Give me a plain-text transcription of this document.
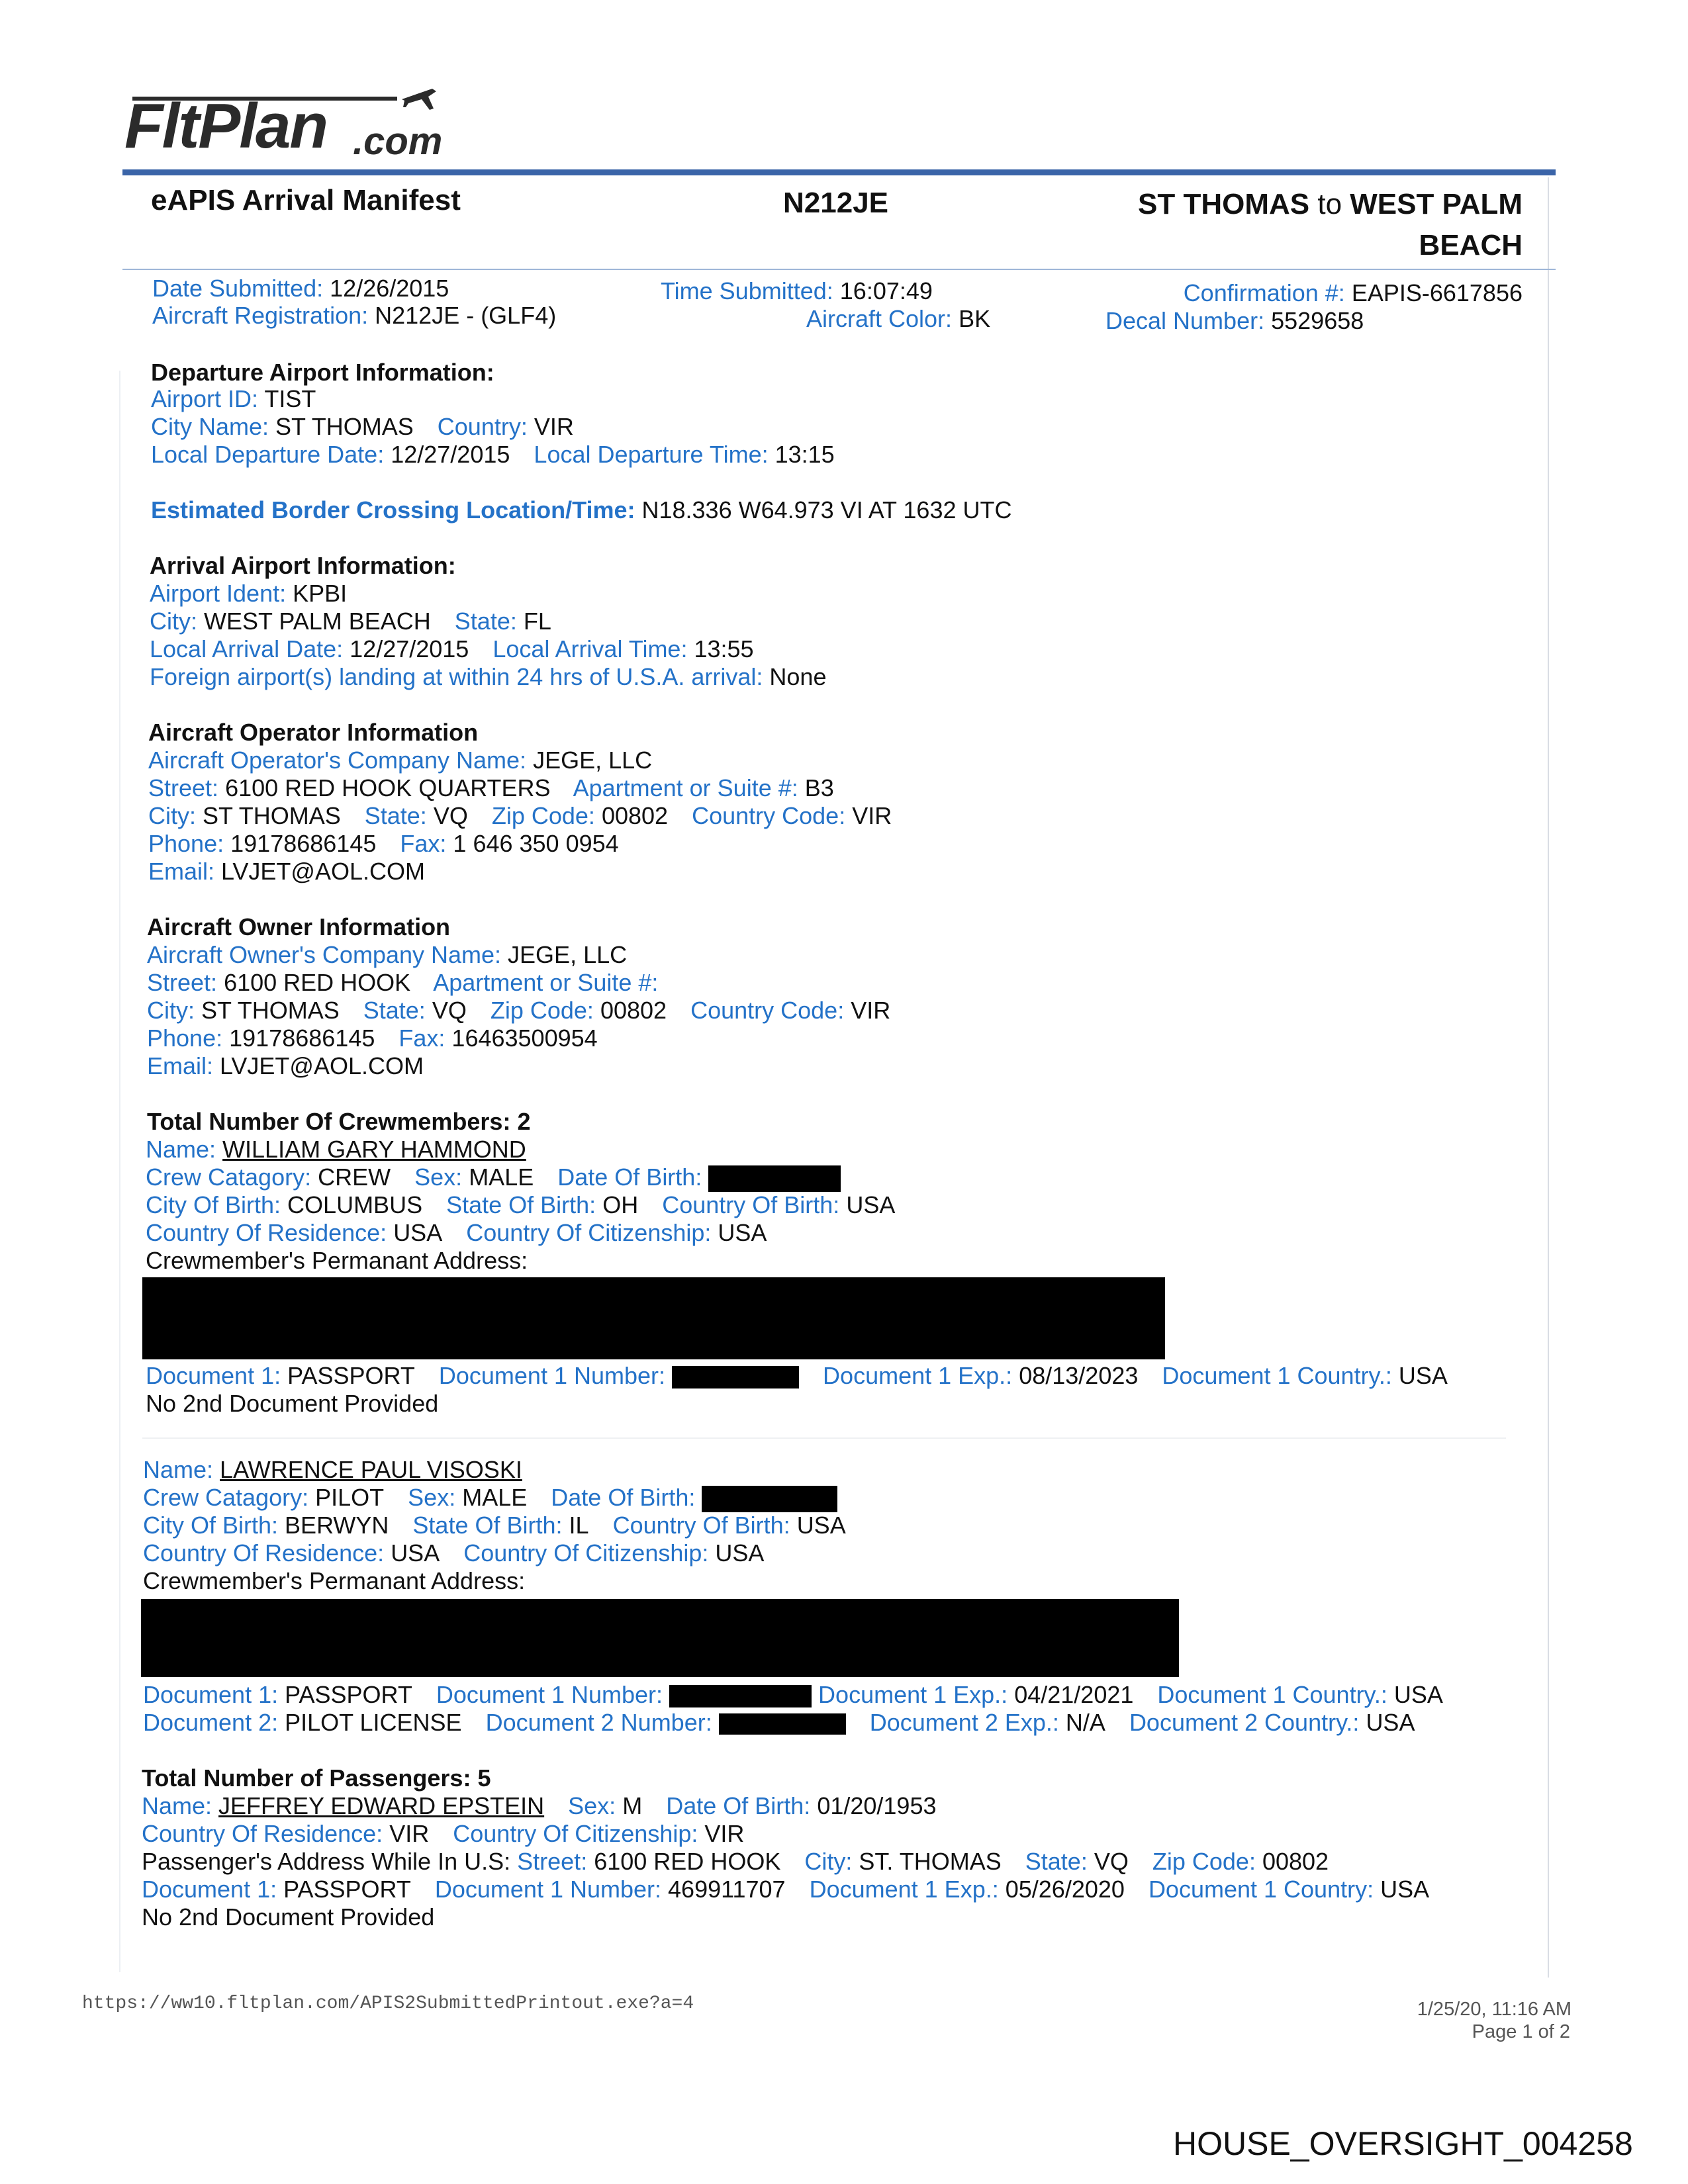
FltPlan .com
eAPIS Arrival Manifest	N212JE	ST THOMAS to WEST PALM
BEACH
Date Submitted: 12/26/2015	Time Submitted: 16:07:49	Confirmation #: EAPIS-6617856
Aircraft Registration: N212JE - (GLF4)	Aircraft Color: BK	Decal Number: 5529658
Departure Airport Information:
Airport ID: TIST
City Name: ST THOMAS Country: VIR
Local Departure Date: 12/27/2015 Local Departure Time: 13:15
Estimated Border Crossing Location/Time: N18.336 W64.973 VI AT 1632 UTC
Arrival Airport Information:
Airport Ident: KPBI
City: WEST PALM BEACH State: FL
Local Arrival Date: 12/27/2015 Local Arrival Time: 13:55
Foreign airport(s) landing at within 24 hrs of U.S.A. arrival: None
Aircraft Operator Information
Aircraft Operator's Company Name: JEGE, LLC
Street: 6100 RED HOOK QUARTERS Apartment or Suite #: B3
City: ST THOMAS State: VQ Zip Code: 00802 Country Code: VIR
Phone: 19178686145 Fax: 1 646 350 0954
Email: LVJET@AOL.COM
Aircraft Owner Information
Aircraft Owner's Company Name: JEGE, LLC
Street: 6100 RED HOOK Apartment or Suite #:
City: ST THOMAS State: VQ Zip Code: 00802 Country Code: VIR
Phone: 19178686145 Fax: 16463500954
Email: LVJET@AOL.COM
Total Number Of Crewmembers: 2
Name: WILLIAM GARY HAMMOND
Crew Catagory: CREW Sex: MALE Date Of Birth:
City Of Birth: COLUMBUS State Of Birth: OH Country Of Birth: USA
Country Of Residence: USA Country Of Citizenship: USA
Crewmember's Permanant Address:
Document 1: PASSPORT Document 1 Number:	Document 1 Exp.: 08/13/2023 Document 1 Country.: USA
No 2nd Document Provided
Name: LAWRENCE PAUL VISOSKI
Crew Catagory: PILOT Sex: MALE Date Of Birth:
City Of Birth: BERWYN State Of Birth: IL Country Of Birth: USA
Country Of Residence: USA Country Of Citizenship: USA
Crewmember's Permanant Address:
Document 1: PASSPORT Document 1 Number:	Document 1 Exp.: 04/21/2021 Document 1 Country.: USA
Document 2: PILOT LICENSE Document 2 Number:	Document 2 Exp.: N/A Document 2 Country.: USA
Total Number of Passengers: 5
Name: JEFFREY EDWARD EPSTEIN Sex: M Date Of Birth: 01/20/1953
Country Of Residence: VIR Country Of Citizenship: VIR
Passenger's Address While In U.S: Street: 6100 RED HOOK City: ST. THOMAS State: VQ Zip Code: 00802
Document 1: PASSPORT Document 1 Number: 469911707 Document 1 Exp.: 05/26/2020 Document 1 Country: USA
No 2nd Document Provided
https://ww10.fltplan.com/APIS2SubmittedPrintout.exe?a=4	1/25/20, 11:16 AM
Page 1 of 2
HOUSE_OVERSIGHT_004258
